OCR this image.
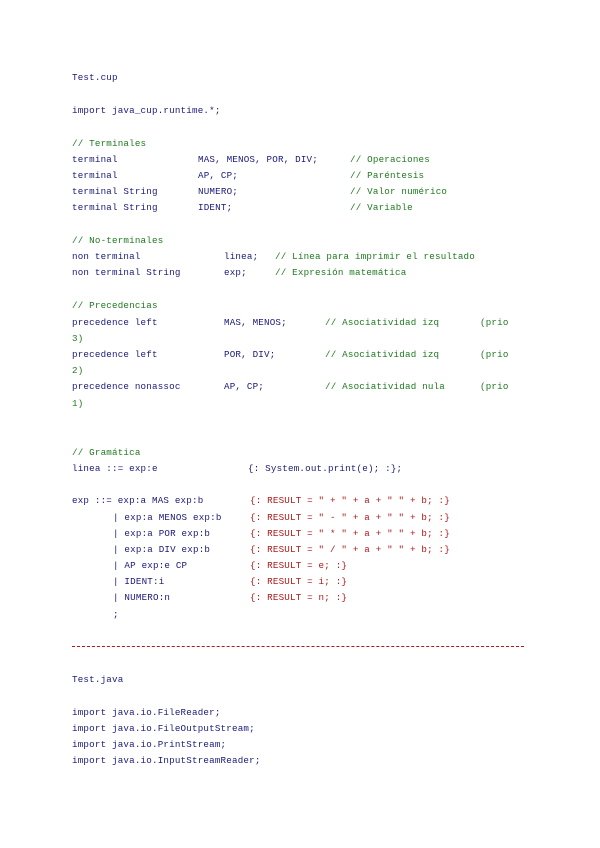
Test.cup
import java_cup.runtime.*;
// Terminales
terminal	MAS, MENOS, POR, DIV;	// Operaciones
terminal	AP, CP;	// Paréntesis
terminal String	NUMERO;	// Valor numérico
terminal String	IDENT;	// Variable
// No-terminales
non terminal	linea; // Línea para imprimir el resultado
non terminal String	exp;	// Expresión matemática
// Precedencias
precedence left	MAS, MENOS;	// Asociatividad izq	(prio
3)
precedence left	POR, DIV;	// Asociatividad izq	(prio
2)
precedence nonassoc	AP, CP;	// Asociatividad nula	(prio
1)
// Gramática
linea ::= exp:e	{: System.out.print(e); :};
exp ::= exp:a MAS exp:b	{: RESULT = " + " + a + " " + b; :}
| exp:a MENOS exp:b	{: RESULT = " - " + a + " " + b; :}
| exp:a POR exp:b	{: RESULT = " * " + a + " " + b; :}
| exp:a DIV exp:b	{: RESULT = " / " + a + " " + b; :}
| AP exp:e CP	{: RESULT = e; :}
| IDENT:i	{: RESULT = i; :}
| NUMERO:n	{: RESULT = n; :}
;
Test.java
import java.io.FileReader;
import java.io.FileOutputStream;
import java.io.PrintStream;
import java.io.InputStreamReader;
